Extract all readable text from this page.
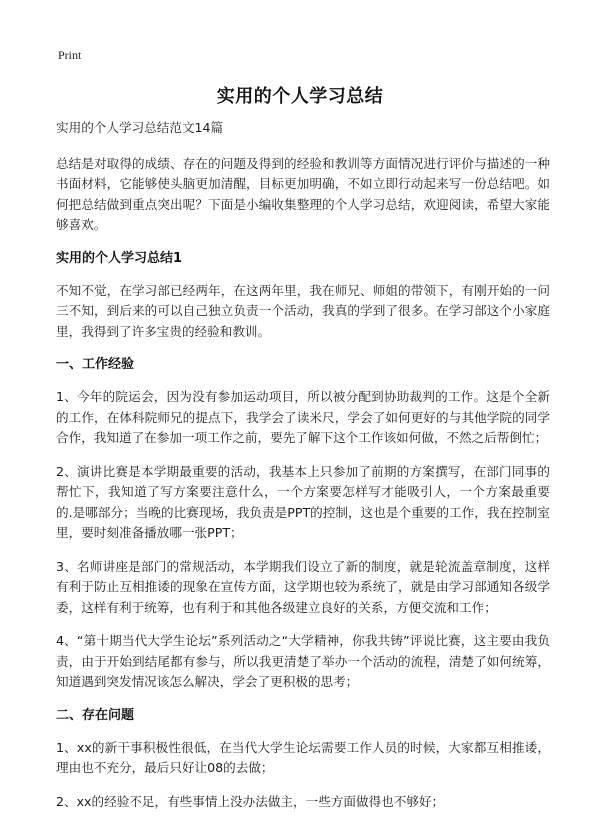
Print
实用的个人学习总结

实用的个人学习总结范文14篇

总结是对取得的成绩、存在的问题及得到的经验和教训等方面情况进行评价与描述的一种书面材料，它能够使头脑更加清醒，目标更加明确，不如立即行动起来写一份总结吧。如何把总结做到重点突出呢？下面是小编收集整理的个人学习总结，欢迎阅读，希望大家能够喜欢。

实用的个人学习总结1

不知不觉，在学习部已经两年，在这两年里，我在师兄、师姐的带领下，有刚开始的一问三不知，到后来的可以自己独立负责一个活动，我真的学到了很多。在学习部这个小家庭里，我得到了许多宝贵的经验和教训。

一、工作经验

1、今年的院运会，因为没有参加运动项目，所以被分配到协助裁判的工作。这是个全新的工作，在体科院师兄的提点下，我学会了读米尺，学会了如何更好的与其他学院的同学合作，我知道了在参加一项工作之前，要先了解下这个工作该如何做，不然之后帮倒忙；

2、演讲比赛是本学期最重要的活动，我基本上只参加了前期的方案撰写，在部门同事的帮忙下，我知道了写方案要注意什么，一个方案要怎样写才能吸引人，一个方案最重要的.是哪部分；当晚的比赛现场，我负责是PPT的控制，这也是个重要的工作，我在控制室里，要时刻准备播放哪一张PPT；

3、名师讲座是部门的常规活动，本学期我们设立了新的制度，就是轮流盖章制度，这样有利于防止互相推诿的现象在宣传方面，这学期也较为系统了，就是由学习部通知各级学委，这样有利于统筹，也有利于和其他各级建立良好的关系，方便交流和工作；

4、“第十期当代大学生论坛”系列活动之“大学精神，你我共铸”评说比赛，这主要由我负责，由于开始到结尾都有参与，所以我更清楚了举办一个活动的流程，清楚了如何统筹，知道遇到突发情况该怎么解决，学会了更积极的思考；

二、存在问题

1、xx的新干事积极性很低，在当代大学生论坛需要工作人员的时候，大家都互相推诿，理由也不充分，最后只好让08的去做；

2、xx的经验不足，有些事情上没办法做主，一些方面做得也不够好；
